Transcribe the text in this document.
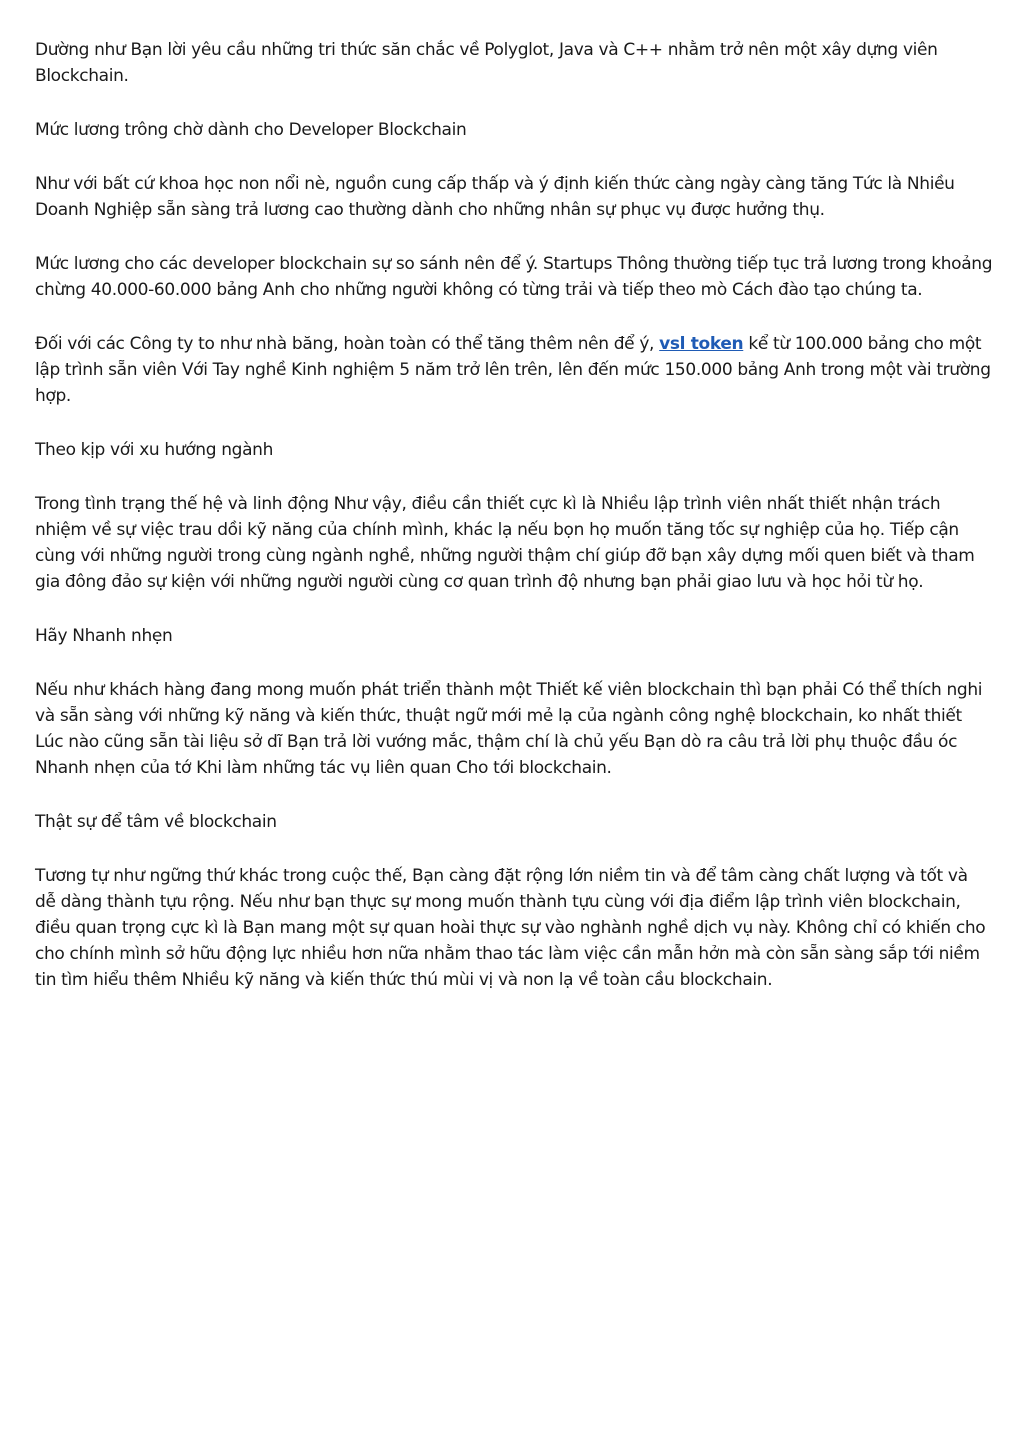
Dường như Bạn lời yêu cầu những tri thức săn chắc về Polyglot, Java và C++ nhằm trở nên một xây dựng viên Blockchain.

Mức lương trông chờ dành cho Developer Blockchain

Như với bất cứ khoa học non nổi nè, nguồn cung cấp thấp và ý định kiến thức càng ngày càng tăng Tức là Nhiều Doanh Nghiệp sẵn sàng trả lương cao thường dành cho những nhân sự phục vụ được hưởng thụ.

Mức lương cho các developer blockchain sự so sánh nên để ý. Startups Thông thường tiếp tục trả lương trong khoảng chừng 40.000-60.000 bảng Anh cho những người không có từng trải và tiếp theo mò Cách đào tạo chúng ta.

Đối với các Công ty to như nhà băng, hoàn toàn có thể tăng thêm nên để ý, vsl token kể từ 100.000 bảng cho một lập trình sẵn viên Với Tay nghề Kinh nghiệm 5 năm trở lên trên, lên đến mức 150.000 bảng Anh trong một vài trường hợp.

Theo kịp với xu hướng ngành

Trong tình trạng thế hệ và linh động Như vậy, điều cần thiết cực kì là Nhiều lập trình viên nhất thiết nhận trách nhiệm về sự việc trau dồi kỹ năng của chính mình, khác lạ nếu bọn họ muốn tăng tốc sự nghiệp của họ. Tiếp cận cùng với những người trong cùng ngành nghề, những người thậm chí giúp đỡ bạn xây dựng mối quen biết và tham gia đông đảo sự kiện với những người người cùng cơ quan trình độ nhưng bạn phải giao lưu và học hỏi từ họ.

Hãy Nhanh nhẹn

Nếu như khách hàng đang mong muốn phát triển thành một Thiết kế viên blockchain thì bạn phải Có thể thích nghi và sẵn sàng với những kỹ năng và kiến thức, thuật ngữ mới mẻ lạ của ngành công nghệ blockchain, ko nhất thiết Lúc nào cũng sẵn tài liệu sở dĩ Bạn trả lời vướng mắc, thậm chí là chủ yếu Bạn dò ra câu trả lời phụ thuộc đầu óc Nhanh nhẹn của tớ Khi làm những tác vụ liên quan Cho tới blockchain.

Thật sự để tâm về blockchain

Tương tự như ngững thứ khác trong cuộc thế, Bạn càng đặt rộng lớn niềm tin và để tâm càng chất lượng và tốt và dễ dàng thành tựu rộng. Nếu như bạn thực sự mong muốn thành tựu cùng với địa điểm lập trình viên blockchain, điều quan trọng cực kì là Bạn mang một sự quan hoài thực sự vào nghành nghề dịch vụ này. Không chỉ có khiến cho cho chính mình sở hữu động lực nhiều hơn nữa nhằm thao tác làm việc cần mẫn hởn mà còn sẵn sàng sắp tới niềm tin tìm hiểu thêm Nhiều kỹ năng và kiến thức thú mùi vị và non lạ về toàn cầu blockchain.
